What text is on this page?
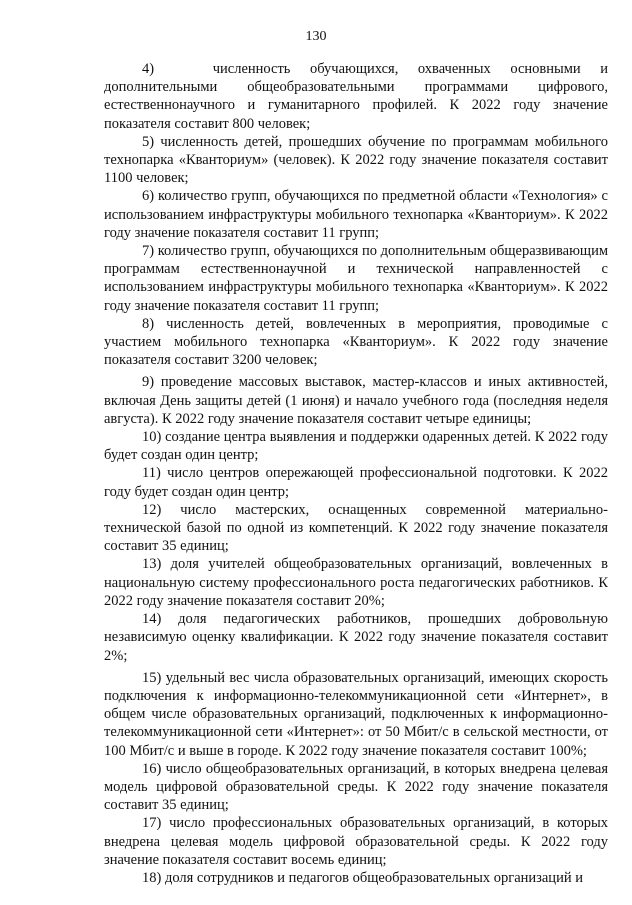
130

4)   численность обучающихся, охваченных основными и дополнительными общеобразовательными программами цифрового, естественнонаучного и гуманитарного профилей. К 2022 году значение показателя составит 800 человек;

5) численность детей, прошедших обучение по программам мобильного технопарка «Кванториум» (человек). К 2022 году значение показателя составит 1100 человек;

6) количество групп, обучающихся по предметной области «Технология» с использованием инфраструктуры мобильного технопарка «Кванториум». К 2022 году значение показателя составит 11 групп;

7) количество групп, обучающихся по дополнительным общеразвивающим программам естественнонаучной и технической направленностей с использованием инфраструктуры мобильного технопарка «Кванториум». К 2022 году значение показателя составит 11 групп;

8) численность детей, вовлеченных в мероприятия, проводимые с участием мобильного технопарка «Кванториум». К 2022 году значение показателя составит 3200 человек;

9) проведение массовых выставок, мастер-классов и иных активностей, включая День защиты детей (1 июня) и начало учебного года (последняя неделя августа). К 2022 году значение показателя составит четыре единицы;

10) создание центра выявления и поддержки одаренных детей. К 2022 году будет создан один центр;

11) число центров опережающей профессиональной подготовки. К 2022 году будет создан один центр;

12) число мастерских, оснащенных современной материально-технической базой по одной из компетенций. К 2022 году значение показателя составит 35 единиц;

13) доля учителей общеобразовательных организаций, вовлеченных в национальную систему профессионального роста педагогических работников. К 2022 году значение показателя составит 20%;

14) доля педагогических работников, прошедших добровольную независимую оценку квалификации. К 2022 году значение показателя составит 2%;

15) удельный вес числа образовательных организаций, имеющих скорость подключения к информационно-телекоммуникационной сети «Интернет», в общем числе образовательных организаций, подключенных к информационно-телекоммуникационной сети «Интернет»: от 50 Мбит/с в сельской местности, от 100 Мбит/с и выше в городе. К 2022 году значение показателя составит 100%;

16) число общеобразовательных организаций, в которых внедрена целевая модель цифровой образовательной среды. К 2022 году значение показателя составит 35 единиц;

17) число профессиональных образовательных организаций, в которых внедрена целевая модель цифровой образовательной среды. К 2022 году значение показателя составит восемь единиц;

18) доля сотрудников и педагогов общеобразовательных организаций и
